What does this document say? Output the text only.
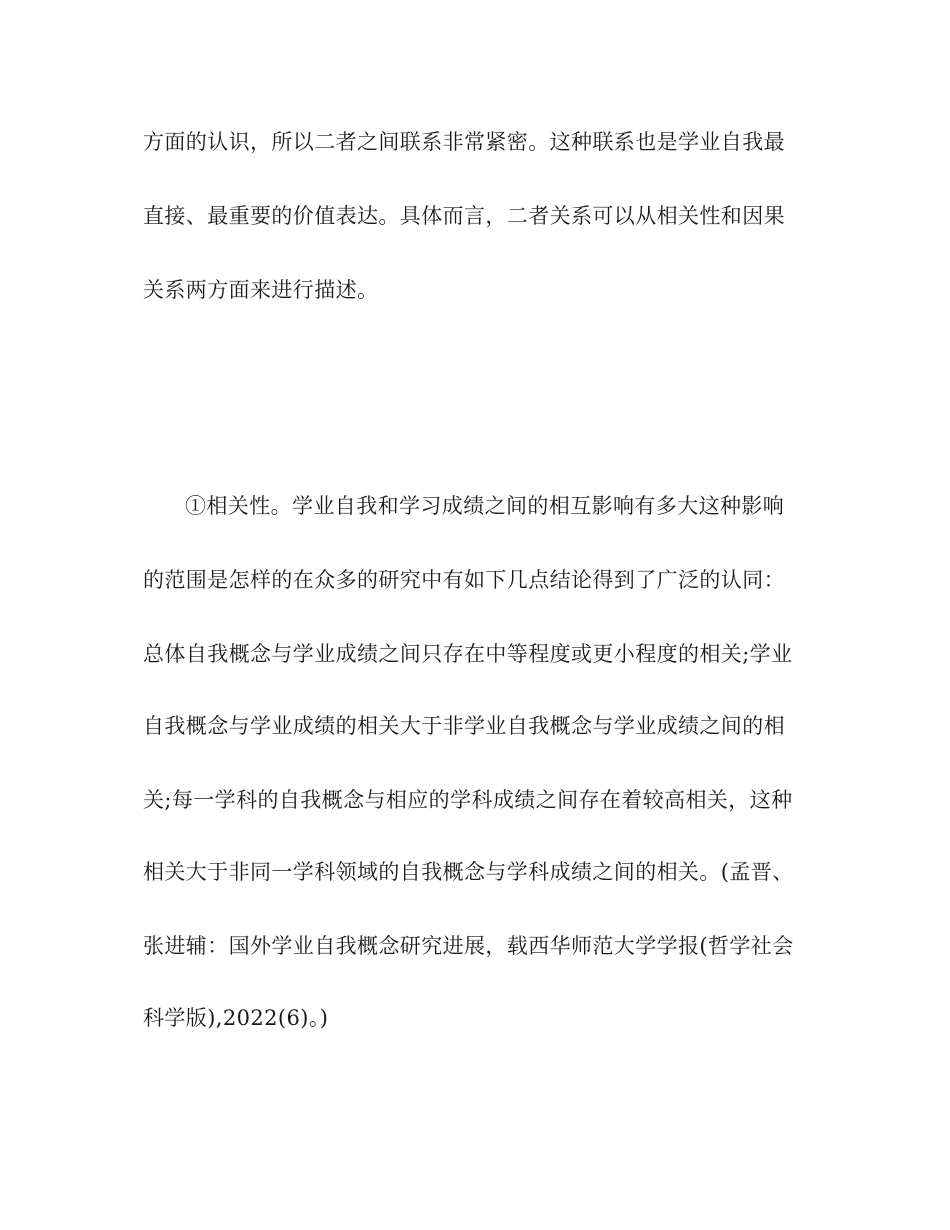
方面的认识，所以二者之间联系非常紧密。这种联系也是学业自我最
直接、最重要的价值表达。具体而言，二者关系可以从相关性和因果
关系两方面来进行描述。
①相关性。学业自我和学习成绩之间的相互影响有多大这种影响
的范围是怎样的在众多的研究中有如下几点结论得到了广泛的认同：
总体自我概念与学业成绩之间只存在中等程度或更小程度的相关;学业
自我概念与学业成绩的相关大于非学业自我概念与学业成绩之间的相
关;每一学科的自我概念与相应的学科成绩之间存在着较高相关，这种
相关大于非同一学科领域的自我概念与学科成绩之间的相关。(孟晋、
张进辅：国外学业自我概念研究进展，载西华师范大学学报(哲学社会
科学版),2022(6)。)
